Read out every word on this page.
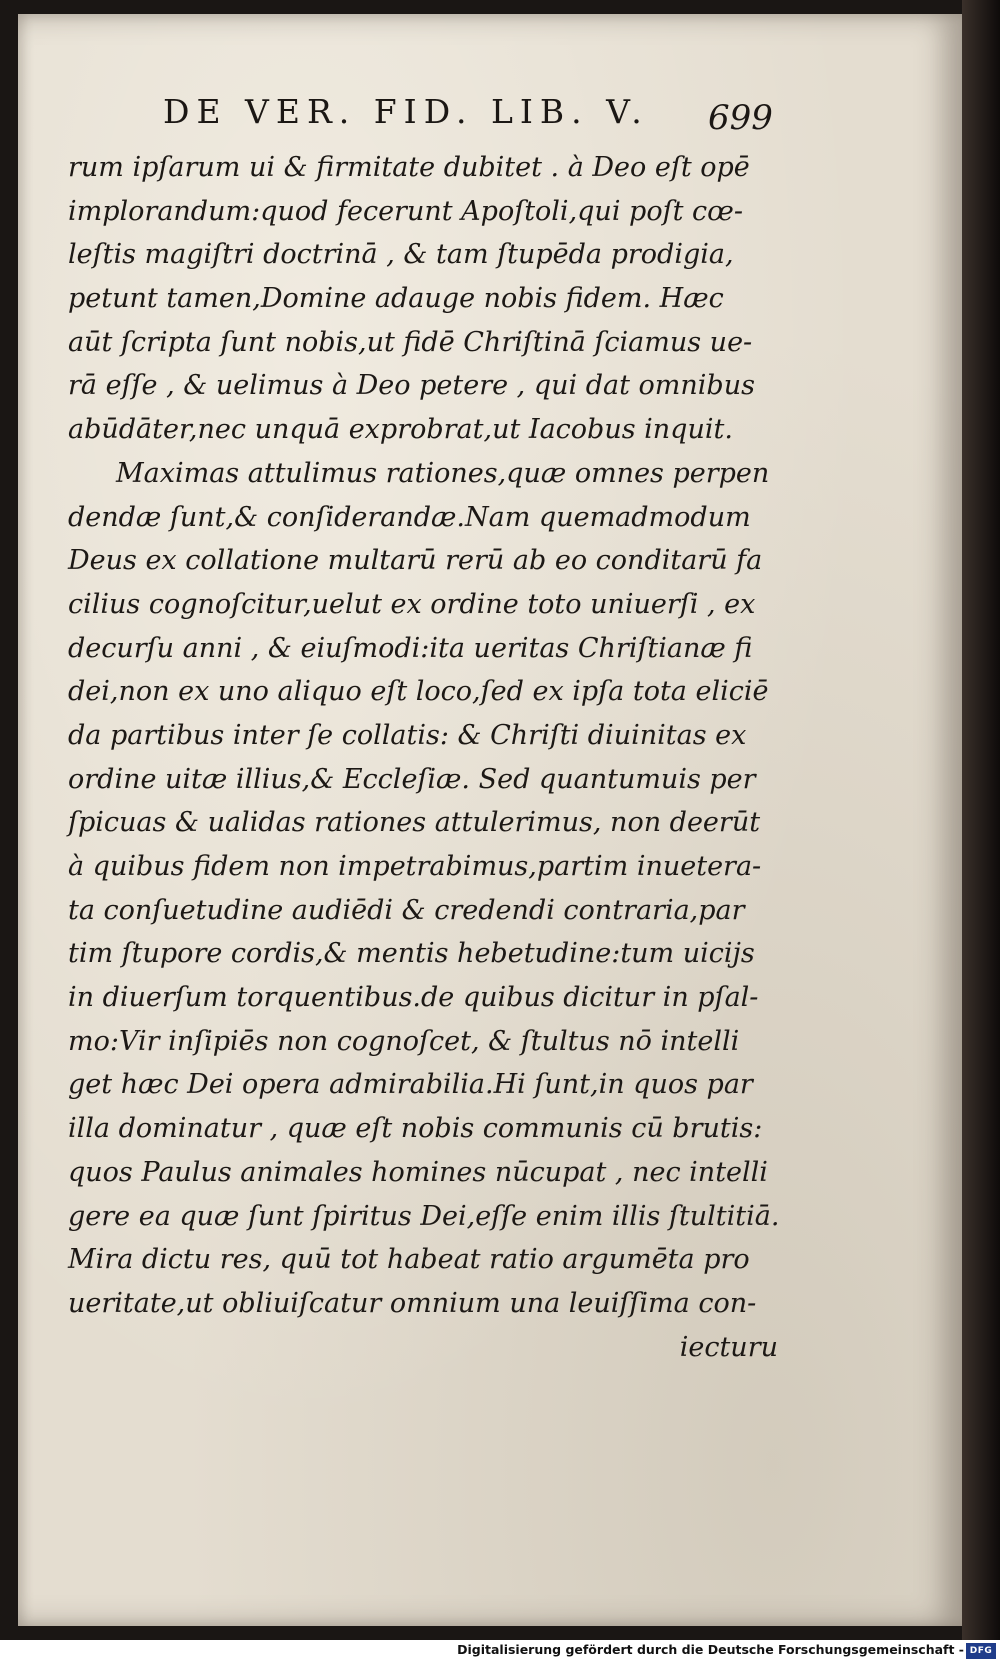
DE VER. FID. LIB. V. 699
rum ipſarum ui & firmitate dubitet . à Deo eſt opē
implorandum:quod fecerunt Apoſtoli,qui poſt cœ-
leſtis magiſtri doctrinā , & tam ſtupēda prodigia,
petunt tamen,Domine adauge nobis fidem. Hæc
aūt ſcripta ſunt nobis,ut fidē Chriſtinā ſciamus ue-
rā eſſe , & uelimus à Deo petere , qui dat omnibus
abūdāter,nec unquā exprobrat,ut Iacobus inquit.
Maximas attulimus rationes,quæ omnes perpen
dendæ ſunt,& conſiderandæ.Nam quemadmodum
Deus ex collatione multarū rerū ab eo conditarū fa
cilius cognoſcitur,uelut ex ordine toto uniuerſi , ex
decurſu anni , & eiuſmodi:ita ueritas Chriſtianæ fi
dei,non ex uno aliquo eſt loco,ſed ex ipſa tota eliciē
da partibus inter ſe collatis: & Chriſti diuinitas ex
ordine uitæ illius,& Eccleſiæ. Sed quantumuis per
ſpicuas & ualidas rationes attulerimus, non deerūt
à quibus fidem non impetrabimus,partim inuetera-
ta conſuetudine audiēdi & credendi contraria,par
tim ſtupore cordis,& mentis hebetudine:tum uicijs
in diuerſum torquentibus.de quibus dicitur in pſal-
mo:Vir inſipiēs non cognoſcet, & ſtultus nō intelli
get hæc Dei opera admirabilia.Hi ſunt,in quos par
illa dominatur , quæ eſt nobis communis cū brutis:
quos Paulus animales homines nūcupat , nec intelli
gere ea quæ ſunt ſpiritus Dei,eſſe enim illis ſtultitiā.
Mira dictu res, quū tot habeat ratio argumēta pro
ueritate,ut obliuiſcatur omnium una leuiſſima con-
iecturu
Digitalisierung gefördert durch die Deutsche Forschungsgemeinschaft - DFG
